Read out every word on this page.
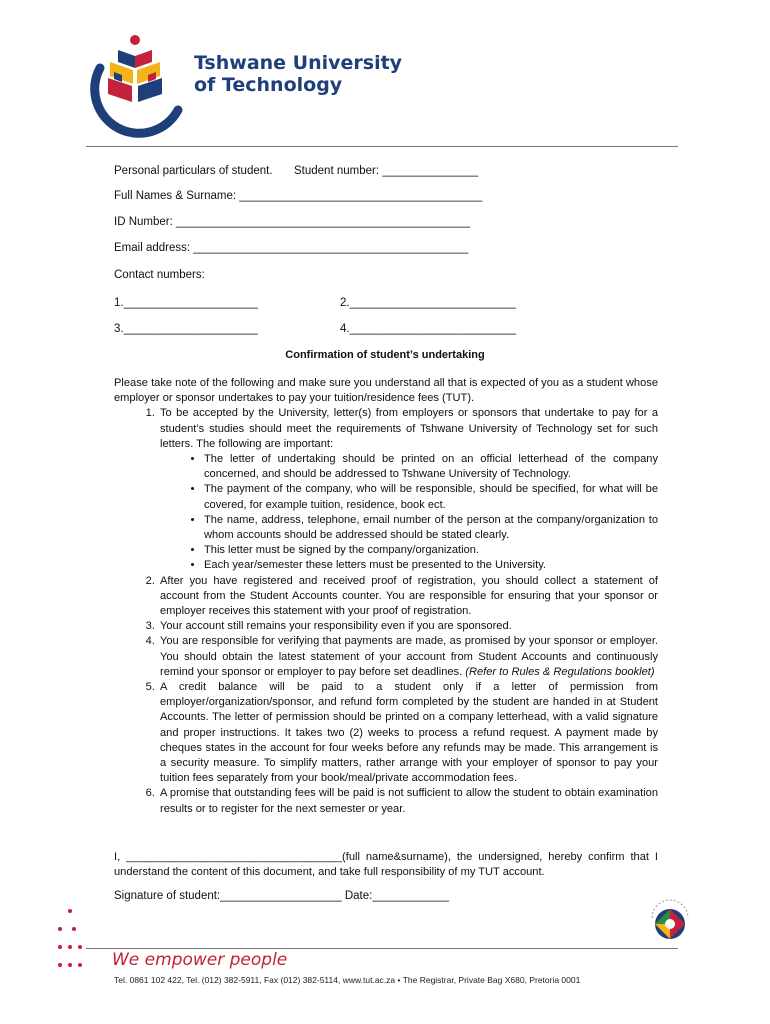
Tshwane University
of Technology
Personal particulars of student. Student number: _______________
Full Names & Surname: ______________________________________
ID Number: ______________________________________________
Email address: ___________________________________________
Contact numbers:
1._____________________	2.__________________________
3._____________________	4.__________________________
Confirmation of student’s undertaking

Please take note of the following and make sure you understand all that is expected of you as a student whose employer or sponsor undertakes to pay your tuition/residence fees (TUT).

1. To be accepted by the University, letter(s) from employers or sponsors that undertake to pay for a student’s studies should meet the requirements of Tshwane University of Technology set for such letters. The following are important:
• The letter of undertaking should be printed on an official letterhead of the company concerned, and should be addressed to Tshwane University of Technology.
• The payment of the company, who will be responsible, should be specified, for what will be covered, for example tuition, residence, book ect.
• The name, address, telephone, email number of the person at the company/organization to whom accounts should be addressed should be stated clearly.
• This letter must be signed by the company/organization.
• Each year/semester these letters must be presented to the University.
2. After you have registered and received proof of registration, you should collect a statement of account from the Student Accounts counter. You are responsible for ensuring that your sponsor or employer receives this statement with your proof of registration.
3. Your account still remains your responsibility even if you are sponsored.
4. You are responsible for verifying that payments are made, as promised by your sponsor or employer. You should obtain the latest statement of your account from Student Accounts and continuously remind your sponsor or employer to pay before set deadlines. (Refer to Rules & Regulations booklet)
5. A credit balance will be paid to a student only if a letter of permission from employer/organization/sponsor, and refund form completed by the student are handed in at Student Accounts. The letter of permission should be printed on a company letterhead, with a valid signature and proper instructions. It takes two (2) weeks to process a refund request. A payment made by cheques states in the account for four weeks before any refunds may be made. This arrangement is a security measure. To simplify matters, rather arrange with your employer of sponsor to pay your tuition fees separately from your book/meal/private accommodation fees.
6. A promise that outstanding fees will be paid is not sufficient to allow the student to obtain examination results or to register for the next semester or year.
I, ___________________________________(full name&surname), the undersigned, hereby confirm that I understand the content of this document, and take full responsibility of my TUT account.
Signature of student:___________________ Date:____________
We empower people
Tel. 0861 102 422, Tel. (012) 382-5911, Fax (012) 382-5114, www.tut.ac.za • The Registrar, Private Bag X680, Pretoria 0001
